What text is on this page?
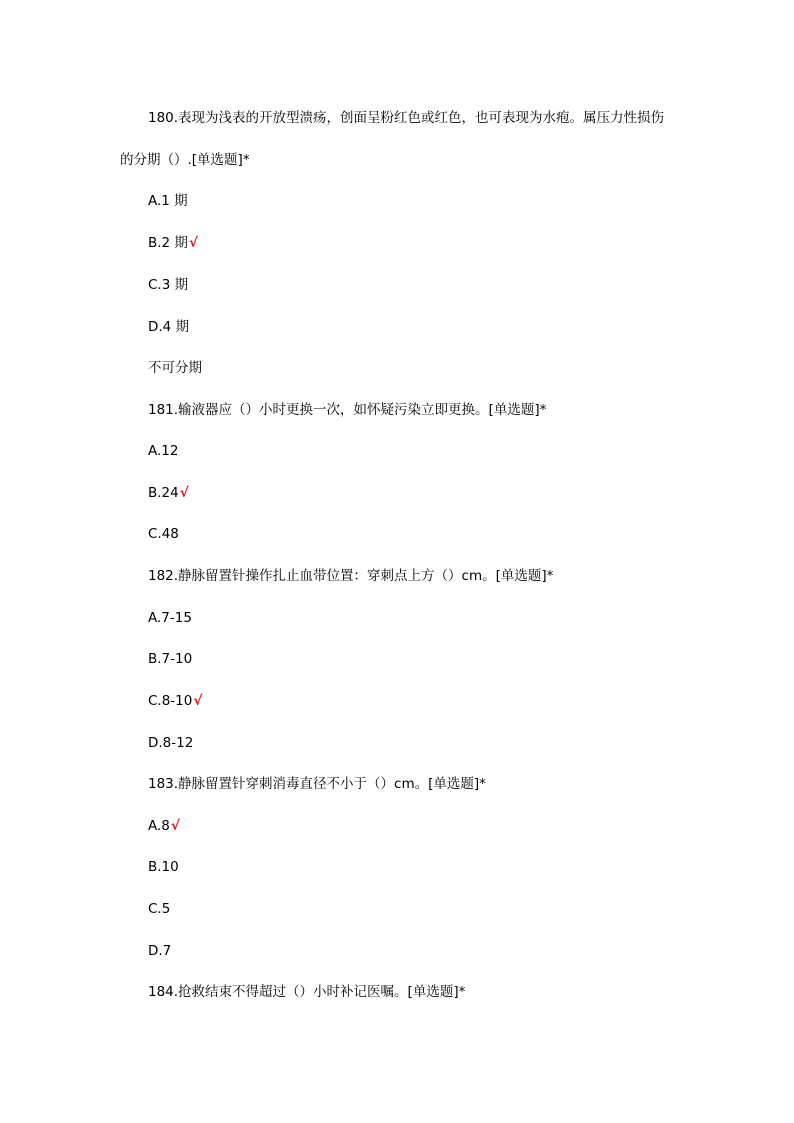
180.表现为浅表的开放型溃疡，创面呈粉红色或红色，也可表现为水疱。属压力性损伤
的分期（）.[单选题]*
A.1 期
B.2 期√
C.3 期
D.4 期
不可分期
181.输液器应（）小时更换一次，如怀疑污染立即更换。[单选题]*
A.12
B.24√
C.48
182.静脉留置针操作扎止血带位置：穿刺点上方（）cm。[单选题]*
A.7-15
B.7-10
C.8-10√
D.8-12
183.静脉留置针穿刺消毒直径不小于（）cm。[单选题]*
A.8√
B.10
C.5
D.7
184.抢救结束不得超过（）小时补记医嘱。[单选题]*
